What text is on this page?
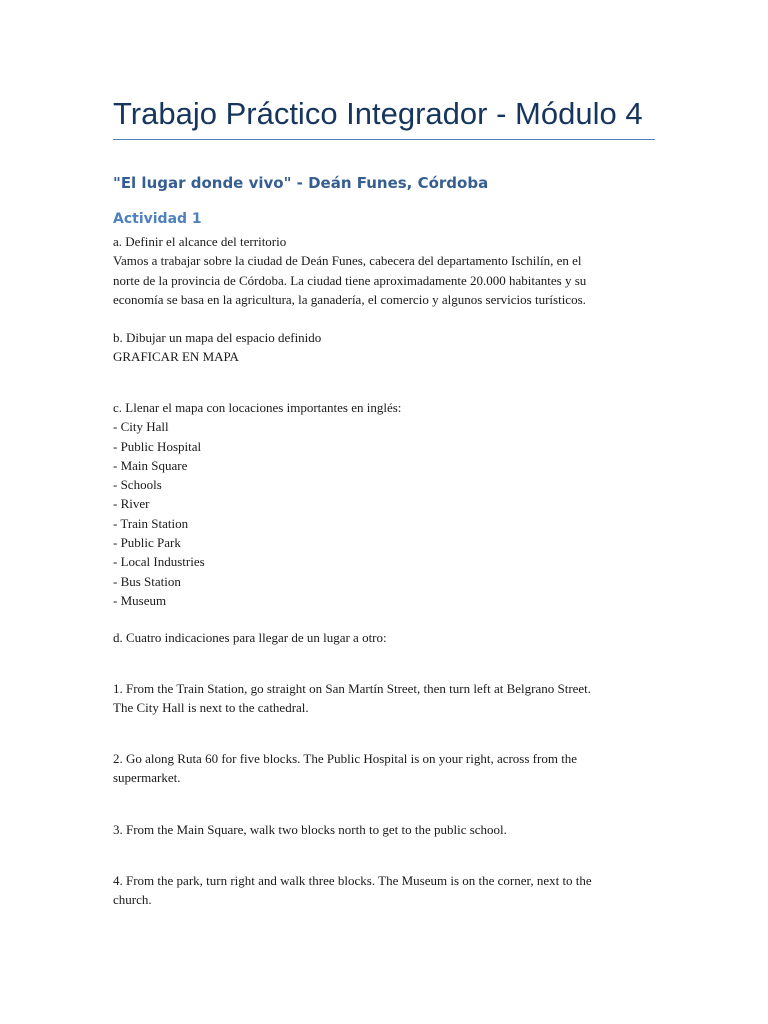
Trabajo Práctico Integrador - Módulo 4
"El lugar donde vivo" - Deán Funes, Córdoba
Actividad 1
a. Definir el alcance del territorio
Vamos a trabajar sobre la ciudad de Deán Funes, cabecera del departamento Ischilín, en el
norte de la provincia de Córdoba. La ciudad tiene aproximadamente 20.000 habitantes y su
economía se basa en la agricultura, la ganadería, el comercio y algunos servicios turísticos.
b. Dibujar un mapa del espacio definido
GRAFICAR EN MAPA
c. Llenar el mapa con locaciones importantes en inglés:
- City Hall
- Public Hospital
- Main Square
- Schools
- River
- Train Station
- Public Park
- Local Industries
- Bus Station
- Museum
d. Cuatro indicaciones para llegar de un lugar a otro:
1. From the Train Station, go straight on San Martín Street, then turn left at Belgrano Street.
The City Hall is next to the cathedral.
2. Go along Ruta 60 for five blocks. The Public Hospital is on your right, across from the
supermarket.
3. From the Main Square, walk two blocks north to get to the public school.
4. From the park, turn right and walk three blocks. The Museum is on the corner, next to the
church.
